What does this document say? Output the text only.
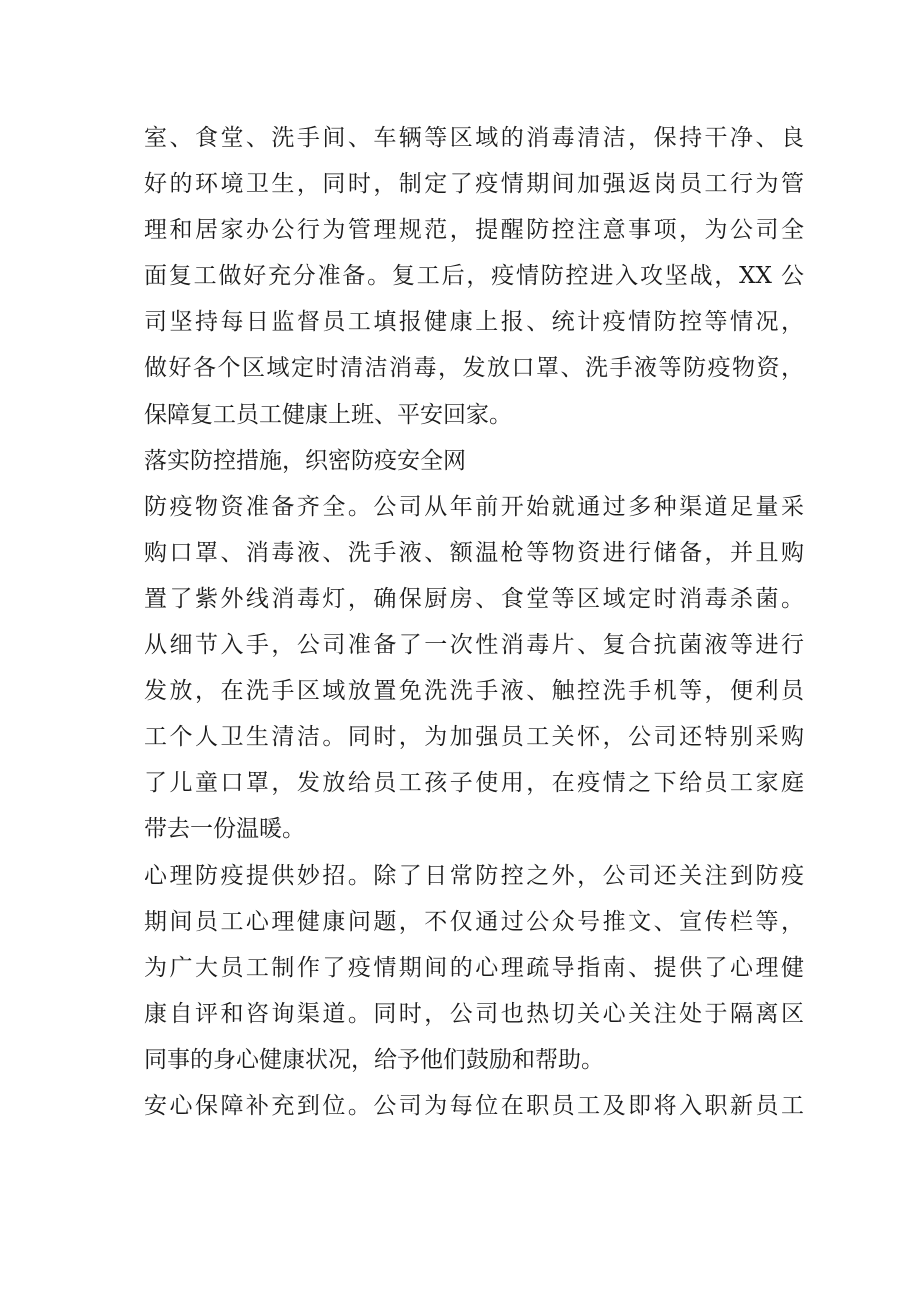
室、食堂、洗手间、车辆等区域的消毒清洁，保持干净、良
好的环境卫生，同时，制定了疫情期间加强返岗员工行为管
理和居家办公行为管理规范，提醒防控注意事项，为公司全
面复工做好充分准备。复工后，疫情防控进入攻坚战，XX 公
司坚持每日监督员工填报健康上报、统计疫情防控等情况，
做好各个区域定时清洁消毒，发放口罩、洗手液等防疫物资，
保障复工员工健康上班、平安回家。
落实防控措施，织密防疫安全网
防疫物资准备齐全。公司从年前开始就通过多种渠道足量采
购口罩、消毒液、洗手液、额温枪等物资进行储备，并且购
置了紫外线消毒灯，确保厨房、食堂等区域定时消毒杀菌。
从细节入手，公司准备了一次性消毒片、复合抗菌液等进行
发放，在洗手区域放置免洗洗手液、触控洗手机等，便利员
工个人卫生清洁。同时，为加强员工关怀，公司还特别采购
了儿童口罩，发放给员工孩子使用，在疫情之下给员工家庭
带去一份温暖。
心理防疫提供妙招。除了日常防控之外，公司还关注到防疫
期间员工心理健康问题，不仅通过公众号推文、宣传栏等，
为广大员工制作了疫情期间的心理疏导指南、提供了心理健
康自评和咨询渠道。同时，公司也热切关心关注处于隔离区
同事的身心健康状况，给予他们鼓励和帮助。
安心保障补充到位。公司为每位在职员工及即将入职新员工
